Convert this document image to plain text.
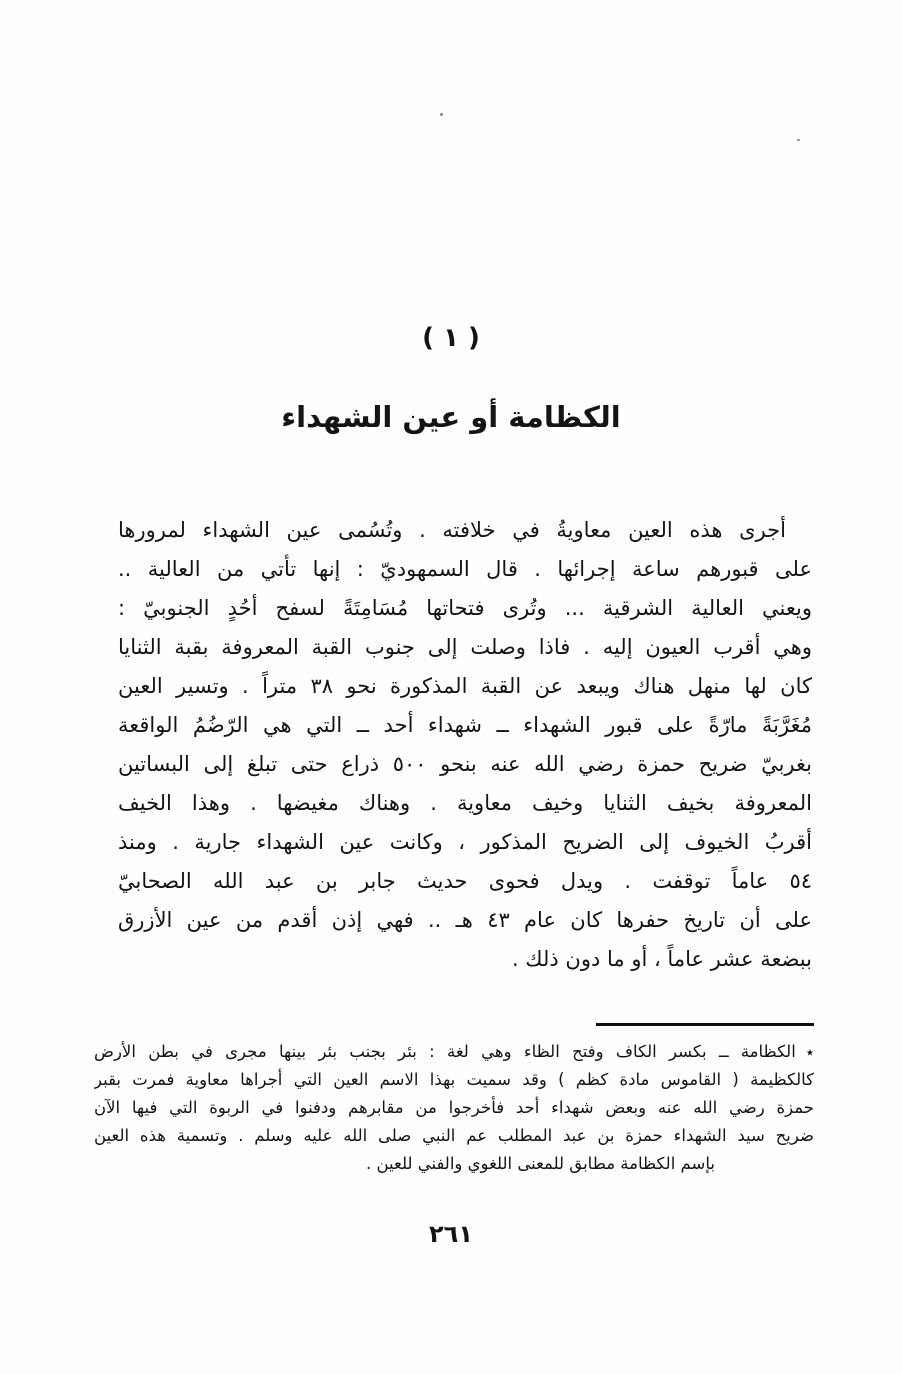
( ١ )
الكظامة أو عين الشهداء
أجرى هذه العين معاويةُ في خلافته . وتُسُمى عين الشهداء لمرورها
على قبورهم ساعة إجرائها . قال السمهوديّ : إنها تأتي من العالية ..
ويعني العالية الشرقية ... وتُرى فتحاتها مُسَامِتَةً لسفح أحُدٍ الجنوبيّ :
وهي أقرب العيون إليه . فاذا وصلت إلى جنوب القبة المعروفة بقبة الثنايا
كان لها منهل هناك ويبعد عن القبة المذكورة نحو ٣٨ متراً . وتسير العين
مُغَرَّبَةً مارّةً على قبور الشهداء ــ شهداء أحد ــ التي هي الرّضُمُ الواقعة
بغربيّ ضريح حمزة رضي الله عنه بنحو ٥٠٠ ذراع حتى تبلغ إلى البساتين
المعروفة بخيف الثنايا وخيف معاوية . وهناك مغيضها . وهذا الخيف
أقربُ الخيوف إلى الضريح المذكور ، وكانت عين الشهداء جارية . ومنذ
٥٤ عاماً توقفت . ويدل فحوى حديث جابر بن عبد الله الصحابيّ
على أن تاريخ حفرها كان عام ٤٣ هـ .. فهي إذن أقدم من عين الأزرق
ببضعة عشر عاماً ، أو ما دون ذلك .
٭الكظامة ــ بكسر الكاف وفتح الظاء وهي لغة : بئر بجنب بئر بينها مجرى في بطن الأرض
كالكظيمة ( القاموس مادة كظم ) وقد سميت بهذا الاسم العين التي أجراها معاوية فمرت بقبر
حمزة رضي الله عنه وبعض شهداء أحد فأخرجوا من مقابرهم ودفنوا في الربوة التي فيها الآن
ضريح سيد الشهداء حمزة بن عبد المطلب عم النبي صلى الله عليه وسلم . وتسمية هذه العين
بإسم الكظامة مطابق للمعنى اللغوي والفني للعين .
٢٦١
